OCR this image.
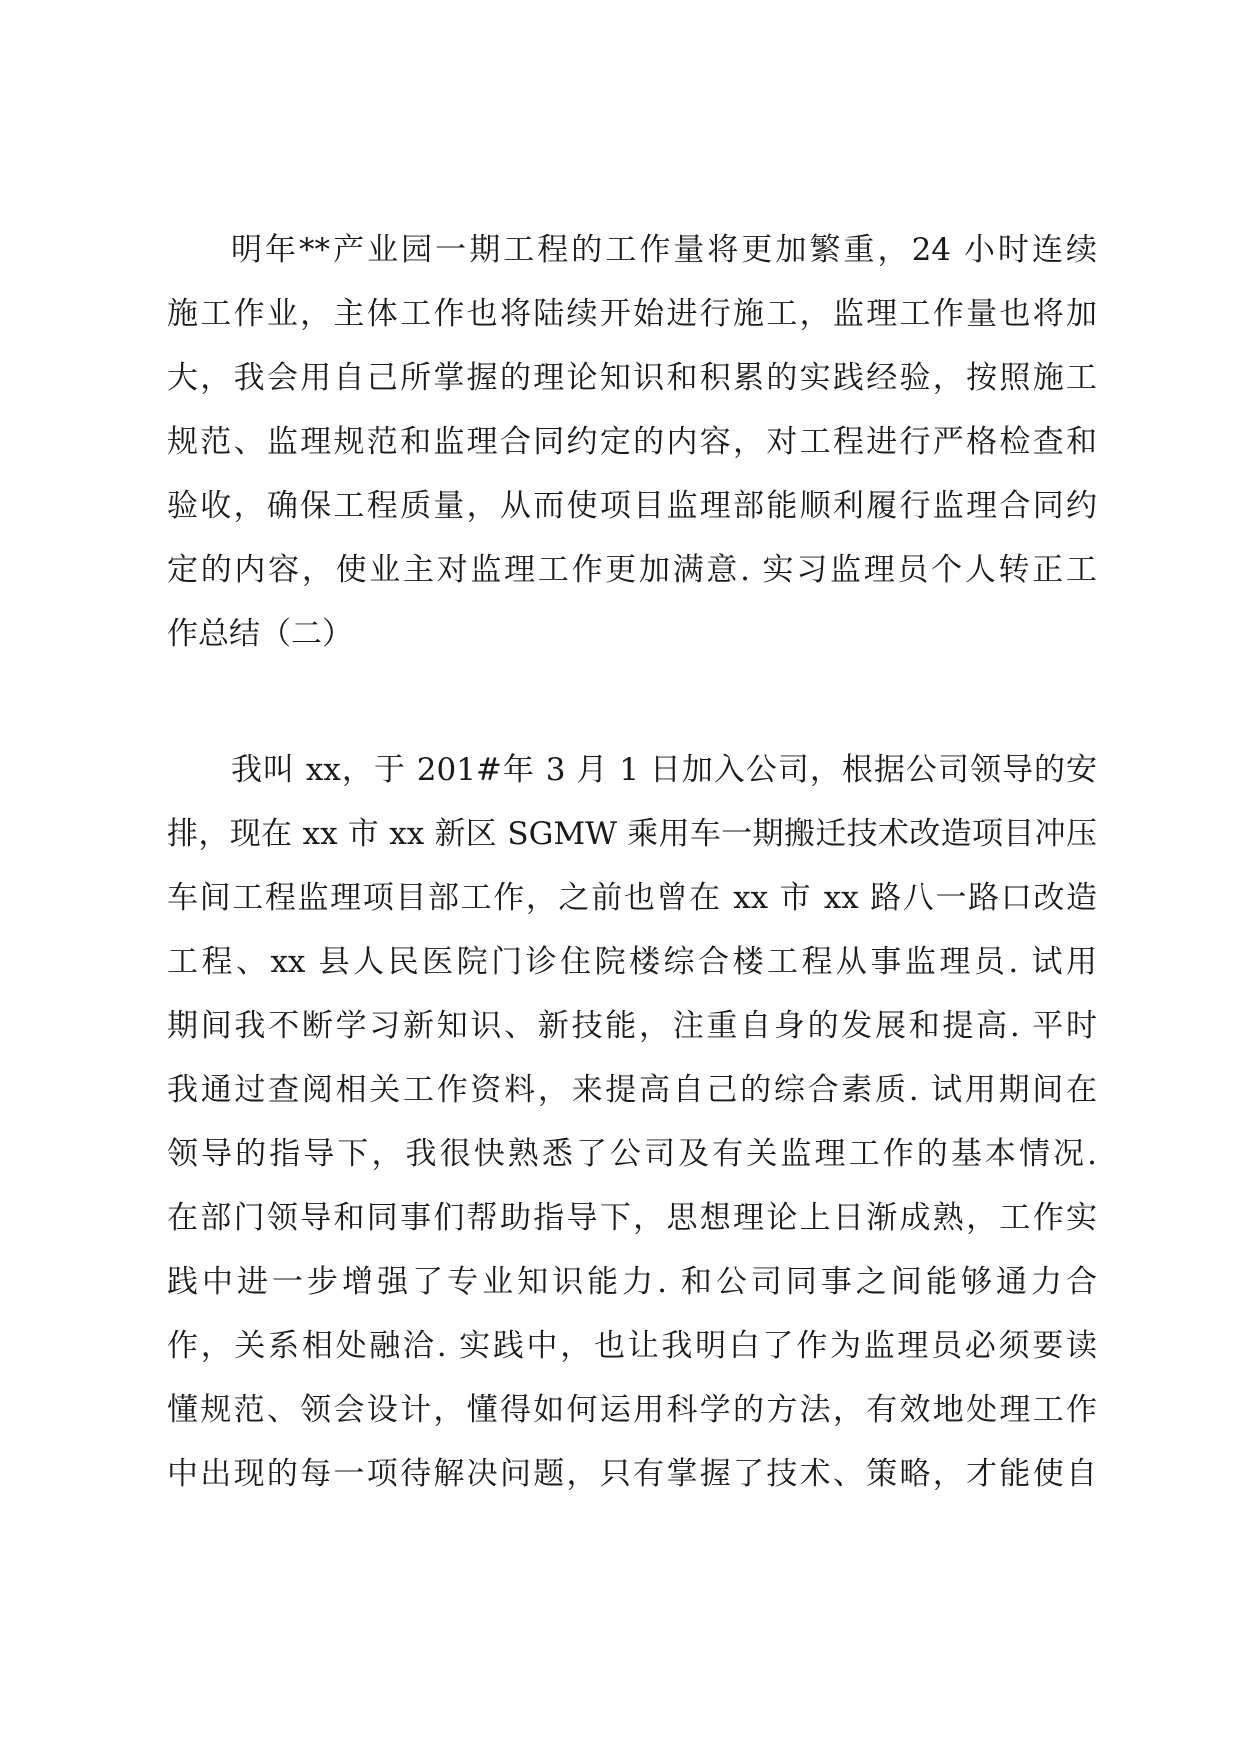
明年**产业园一期工程的工作量将更加繁重，24 小时连续
施工作业，主体工作也将陆续开始进行施工，监理工作量也将加
大，我会用自己所掌握的理论知识和积累的实践经验，按照施工
规范、监理规范和监理合同约定的内容，对工程进行严格检查和
验收，确保工程质量，从而使项目监理部能顺利履行监理合同约
定的内容，使业主对监理工作更加满意. 实习监理员个人转正工
作总结（二）
我叫 xx，于 201#年 3 月 1 日加入公司，根据公司领导的安
排，现在 xx 市 xx 新区 SGMW 乘用车一期搬迁技术改造项目冲压
车间工程监理项目部工作，之前也曾在 xx 市 xx 路八一路口改造
工程、xx 县人民医院门诊住院楼综合楼工程从事监理员. 试用
期间我不断学习新知识、新技能，注重自身的发展和提高. 平时
我通过查阅相关工作资料，来提高自己的综合素质. 试用期间在
领导的指导下，我很快熟悉了公司及有关监理工作的基本情况.
在部门领导和同事们帮助指导下，思想理论上日渐成熟，工作实
践中进一步增强了专业知识能力. 和公司同事之间能够通力合
作，关系相处融洽. 实践中，也让我明白了作为监理员必须要读
懂规范、领会设计，懂得如何运用科学的方法，有效地处理工作
中出现的每一项待解决问题，只有掌握了技术、策略，才能使自
